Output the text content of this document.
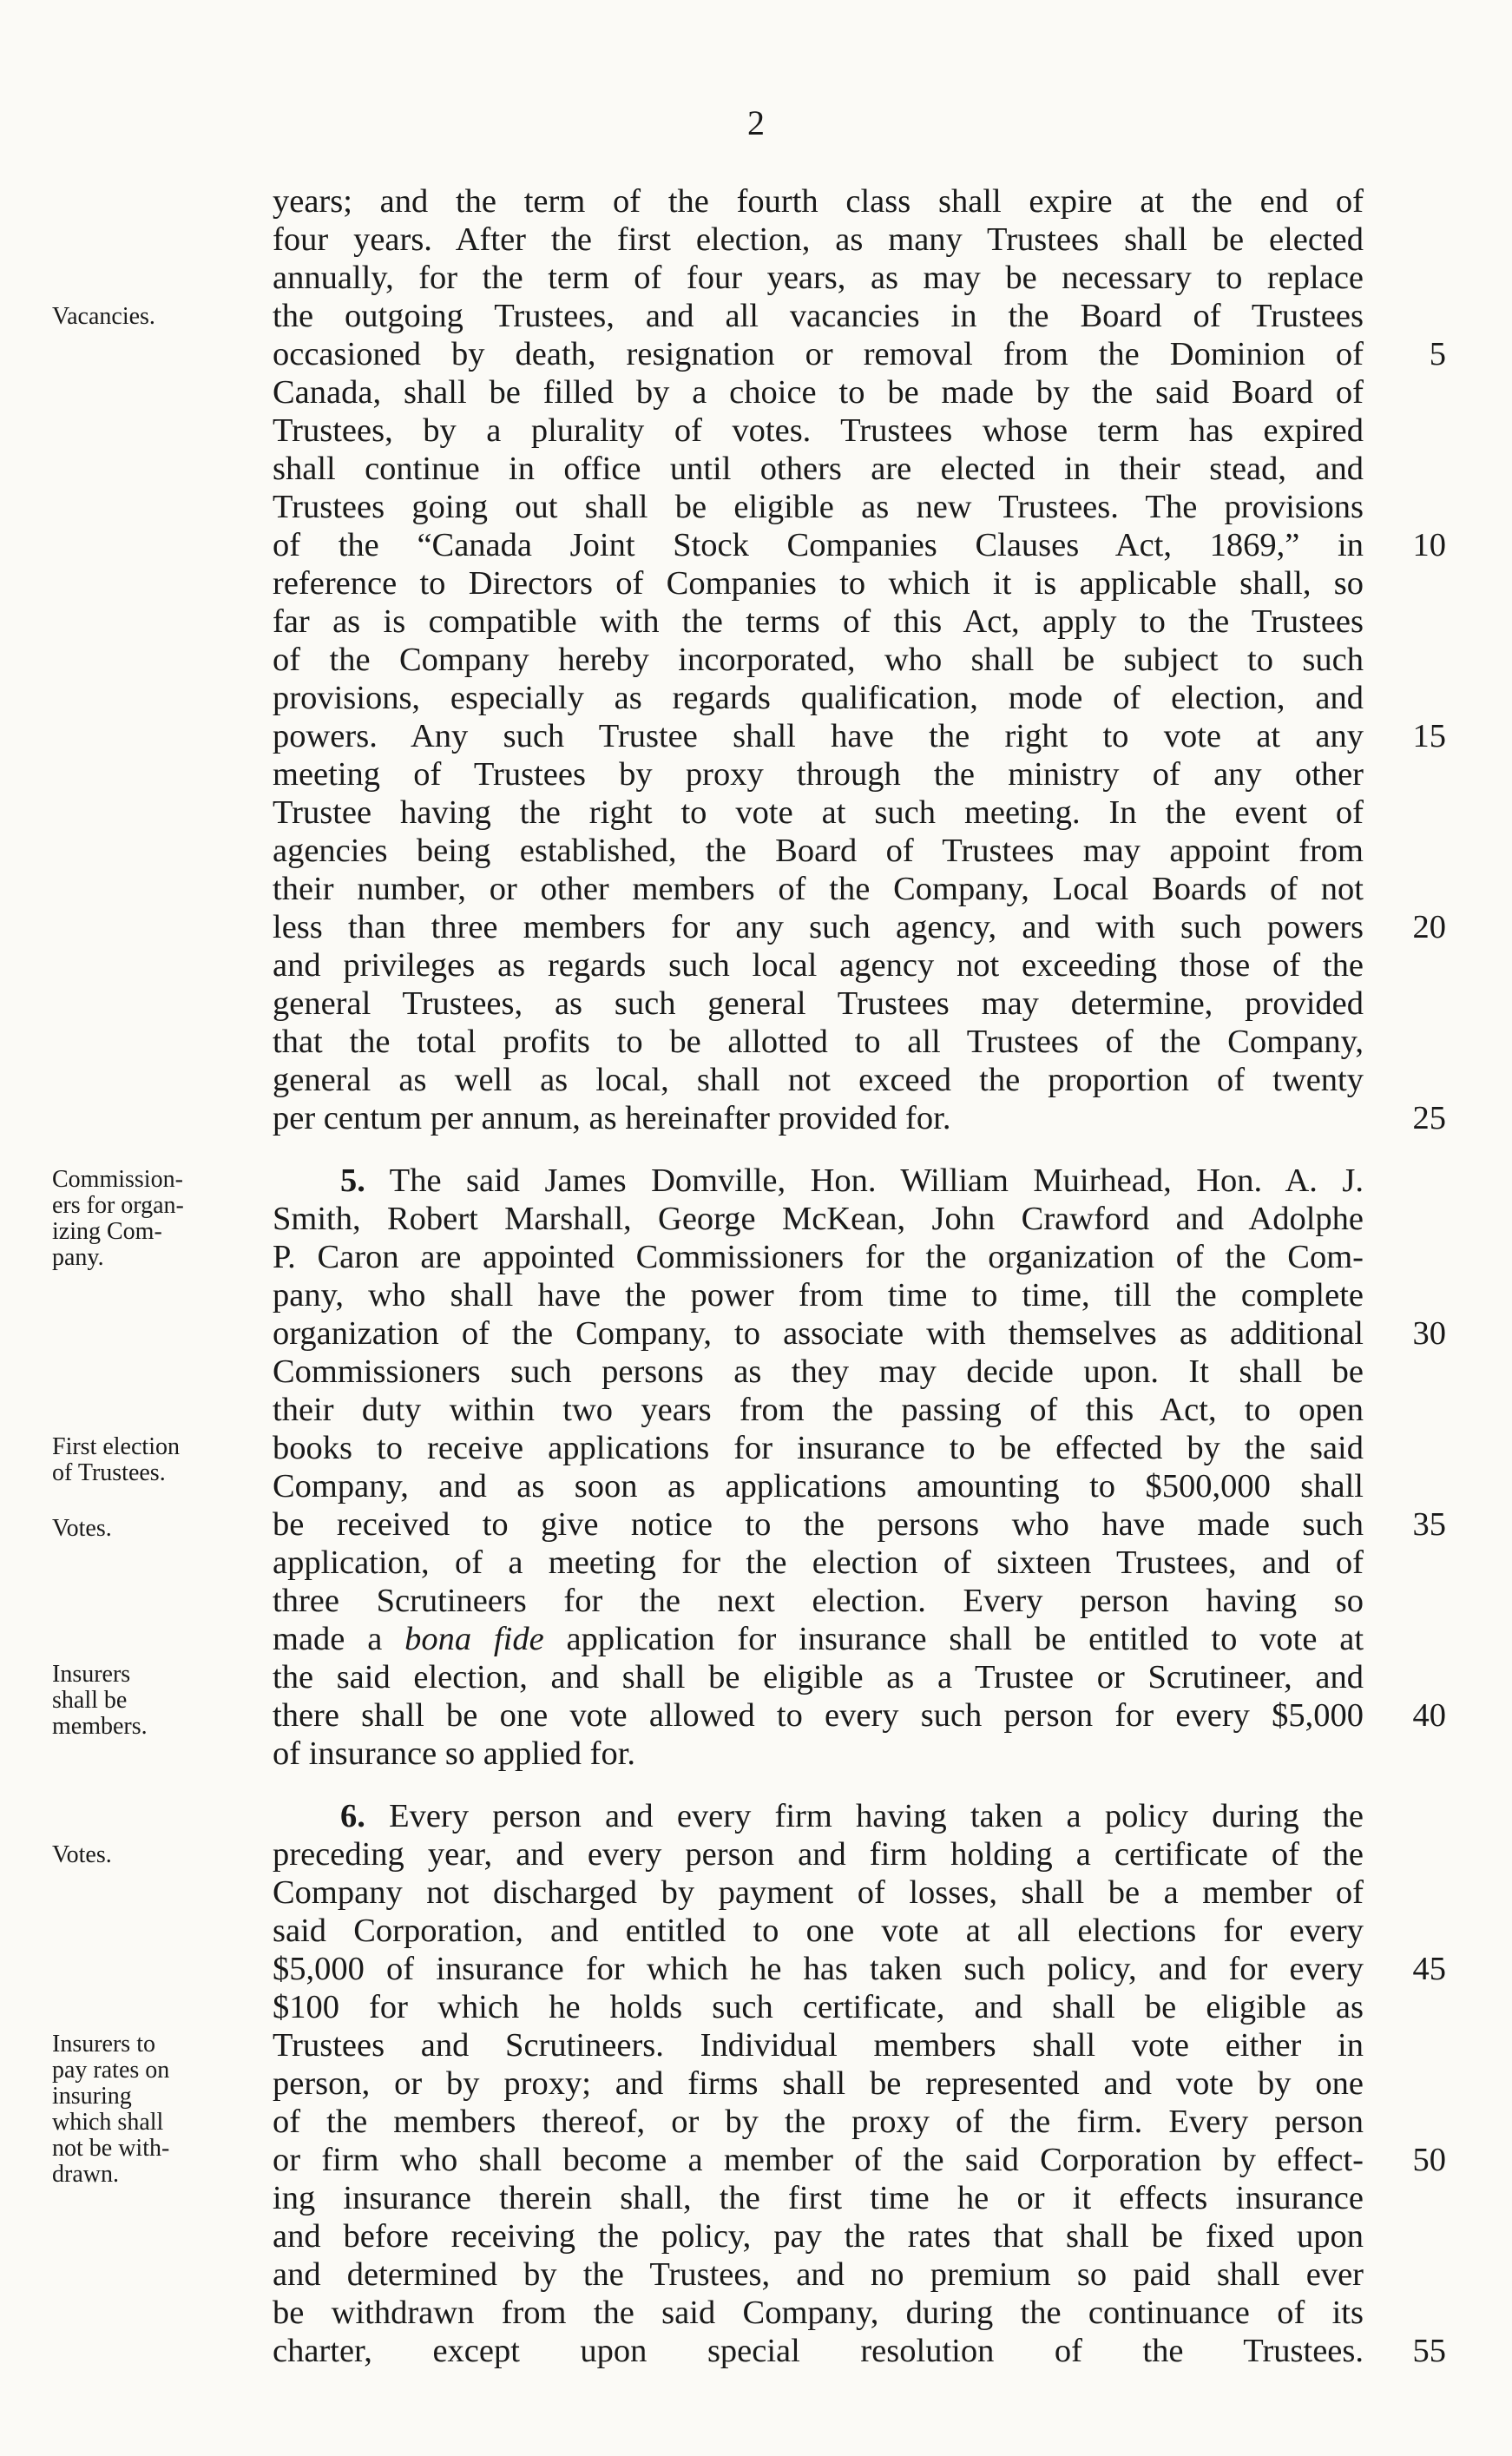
2
years; and the term of the fourth class shall expire at the end of
four years. After the first election, as many Trustees shall be elected
annually, for the term of four years, as may be necessary to replace
the outgoing Trustees, and all vacancies in the Board of Trustees
occasioned by death, resignation or removal from the Dominion of
Canada, shall be filled by a choice to be made by the said Board of
Trustees, by a plurality of votes. Trustees whose term has expired
shall continue in office until others are elected in their stead, and
Trustees going out shall be eligible as new Trustees. The provisions
of the “Canada Joint Stock Companies Clauses Act, 1869,” in
reference to Directors of Companies to which it is applicable shall, so
far as is compatible with the terms of this Act, apply to the Trustees
of the Company hereby incorporated, who shall be subject to such
provisions, especially as regards qualification, mode of election, and
powers. Any such Trustee shall have the right to vote at any
meeting of Trustees by proxy through the ministry of any other
Trustee having the right to vote at such meeting. In the event of
agencies being established, the Board of Trustees may appoint from
their number, or other members of the Company, Local Boards of not
less than three members for any such agency, and with such powers
and privileges as regards such local agency not exceeding those of the
general Trustees, as such general Trustees may determine, provided
that the total profits to be allotted to all Trustees of the Company,
general as well as local, shall not exceed the proportion of twenty
per centum per annum, as hereinafter provided for.
5. The said James Domville, Hon. William Muirhead, Hon. A. J.
Smith, Robert Marshall, George McKean, John Crawford and Adolphe
P. Caron are appointed Commissioners for the organization of the Com-
pany, who shall have the power from time to time, till the complete
organization of the Company, to associate with themselves as additional
Commissioners such persons as they may decide upon. It shall be
their duty within two years from the passing of this Act, to open
books to receive applications for insurance to be effected by the said
Company, and as soon as applications amounting to $500,000 shall
be received to give notice to the persons who have made such
application, of a meeting for the election of sixteen Trustees, and of
three Scrutineers for the next election. Every person having so
made a bona fide application for insurance shall be entitled to vote at
the said election, and shall be eligible as a Trustee or Scrutineer, and
there shall be one vote allowed to every such person for every $5,000
of insurance so applied for.
6. Every person and every firm having taken a policy during the
preceding year, and every person and firm holding a certificate of the
Company not discharged by payment of losses, shall be a member of
said Corporation, and entitled to one vote at all elections for every
$5,000 of insurance for which he has taken such policy, and for every
$100 for which he holds such certificate, and shall be eligible as
Trustees and Scrutineers. Individual members shall vote either in
person, or by proxy; and firms shall be represented and vote by one
of the members thereof, or by the proxy of the firm. Every person
or firm who shall become a member of the said Corporation by effect-
ing insurance therein shall, the first time he or it effects insurance
and before receiving the policy, pay the rates that shall be fixed upon
and determined by the Trustees, and no premium so paid shall ever
be withdrawn from the said Company, during the continuance of its
charter, except upon special resolution of the Trustees.
5
10
15
20
25
30
35
40
45
50
55
Vacancies.
Commission-
ers for organ-
izing Com-
pany.
First election
of Trustees.
Votes.
Insurers
shall be
members.
Votes.
Insurers to
pay rates on
insuring
which shall
not be with-
drawn.
